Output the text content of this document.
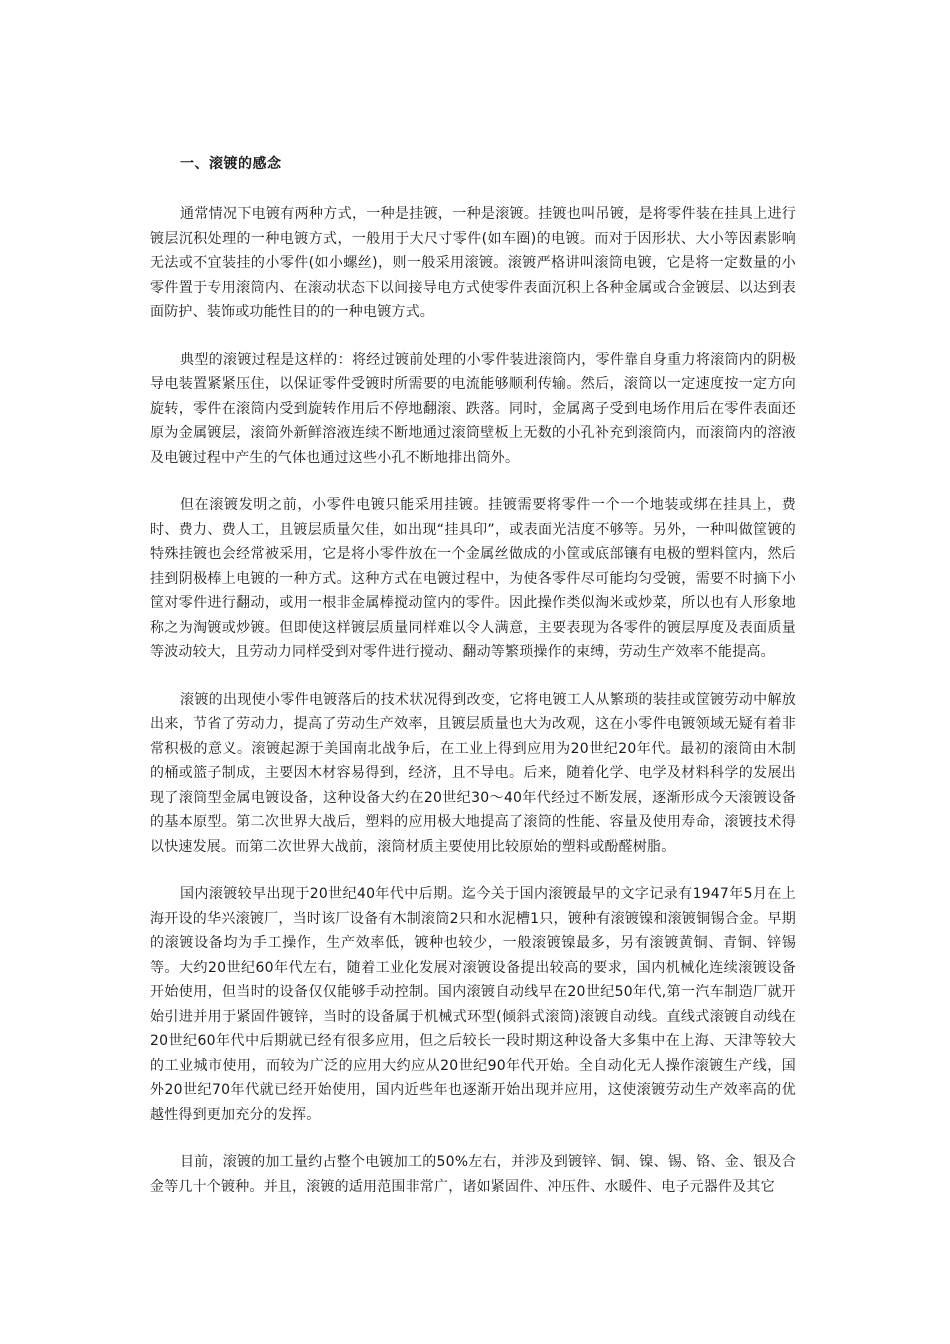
一、滚镀的感念

通常情况下电镀有两种方式，一种是挂镀，一种是滚镀。挂镀也叫吊镀，是将零件装在挂具上进行镀层沉积处理的一种电镀方式，一般用于大尺寸零件(如车圈)的电镀。而对于因形状、大小等因素影响无法或不宜装挂的小零件(如小螺丝)，则一般采用滚镀。滚镀严格讲叫滚筒电镀，它是将一定数量的小零件置于专用滚筒内、在滚动状态下以间接导电方式使零件表面沉积上各种金属或合金镀层、以达到表面防护、装饰或功能性目的的一种电镀方式。

典型的滚镀过程是这样的：将经过镀前处理的小零件装进滚筒内，零件靠自身重力将滚筒内的阴极导电装置紧紧压住，以保证零件受镀时所需要的电流能够顺利传输。然后，滚筒以一定速度按一定方向旋转，零件在滚筒内受到旋转作用后不停地翻滚、跌落。同时，金属离子受到电场作用后在零件表面还原为金属镀层，滚筒外新鲜溶液连续不断地通过滚筒壁板上无数的小孔补充到滚筒内，而滚筒内的溶液及电镀过程中产生的气体也通过这些小孔不断地排出筒外。

但在滚镀发明之前，小零件电镀只能采用挂镀。挂镀需要将零件一个一个地装或绑在挂具上，费时、费力、费人工，且镀层质量欠佳，如出现“挂具印”，或表面光洁度不够等。另外，一种叫做筐镀的特殊挂镀也会经常被采用，它是将小零件放在一个金属丝做成的小筐或底部镶有电极的塑料筐内，然后挂到阴极棒上电镀的一种方式。这种方式在电镀过程中，为使各零件尽可能均匀受镀，需要不时摘下小筐对零件进行翻动，或用一根非金属棒搅动筐内的零件。因此操作类似淘米或炒菜，所以也有人形象地称之为淘镀或炒镀。但即使这样镀层质量同样难以令人满意，主要表现为各零件的镀层厚度及表面质量等波动较大，且劳动力同样受到对零件进行搅动、翻动等繁琐操作的束缚，劳动生产效率不能提高。

滚镀的出现使小零件电镀落后的技术状况得到改变，它将电镀工人从繁琐的装挂或筐镀劳动中解放出来，节省了劳动力，提高了劳动生产效率，且镀层质量也大为改观，这在小零件电镀领域无疑有着非常积极的意义。滚镀起源于美国南北战争后，在工业上得到应用为20世纪20年代。最初的滚筒由木制的桶或篮子制成，主要因木材容易得到，经济，且不导电。后来，随着化学、电学及材料科学的发展出现了滚筒型金属电镀设备，这种设备大约在20世纪30～40年代经过不断发展，逐渐形成今天滚镀设备的基本原型。第二次世界大战后，塑料的应用极大地提高了滚筒的性能、容量及使用寿命，滚镀技术得以快速发展。而第二次世界大战前，滚筒材质主要使用比较原始的塑料或酚醛树脂。

国内滚镀较早出现于20世纪40年代中后期。迄今关于国内滚镀最早的文字记录有1947年5月在上海开设的华兴滚镀厂，当时该厂设备有木制滚筒2只和水泥槽1只，镀种有滚镀镍和滚镀铜锡合金。早期的滚镀设备均为手工操作，生产效率低，镀种也较少，一般滚镀镍最多，另有滚镀黄铜、青铜、锌锡等。大约20世纪60年代左右，随着工业化发展对滚镀设备提出较高的要求，国内机械化连续滚镀设备开始使用，但当时的设备仅仅能够手动控制。国内滚镀自动线早在20世纪50年代,第一汽车制造厂就开始引进并用于紧固件镀锌，当时的设备属于机械式环型(倾斜式滚筒)滚镀自动线。直线式滚镀自动线在20世纪60年代中后期就已经有很多应用，但之后较长一段时期这种设备大多集中在上海、天津等较大的工业城市使用，而较为广泛的应用大约应从20世纪90年代开始。全自动化无人操作滚镀生产线，国外20世纪70年代就已经开始使用，国内近些年也逐渐开始出现并应用，这使滚镀劳动生产效率高的优越性得到更加充分的发挥。

目前，滚镀的加工量约占整个电镀加工的50%左右，并涉及到镀锌、铜、镍、锡、铬、金、银及合金等几十个镀种。并且，滚镀的适用范围非常广，诸如紧固件、冲压件、水暖件、电子元器件及其它
